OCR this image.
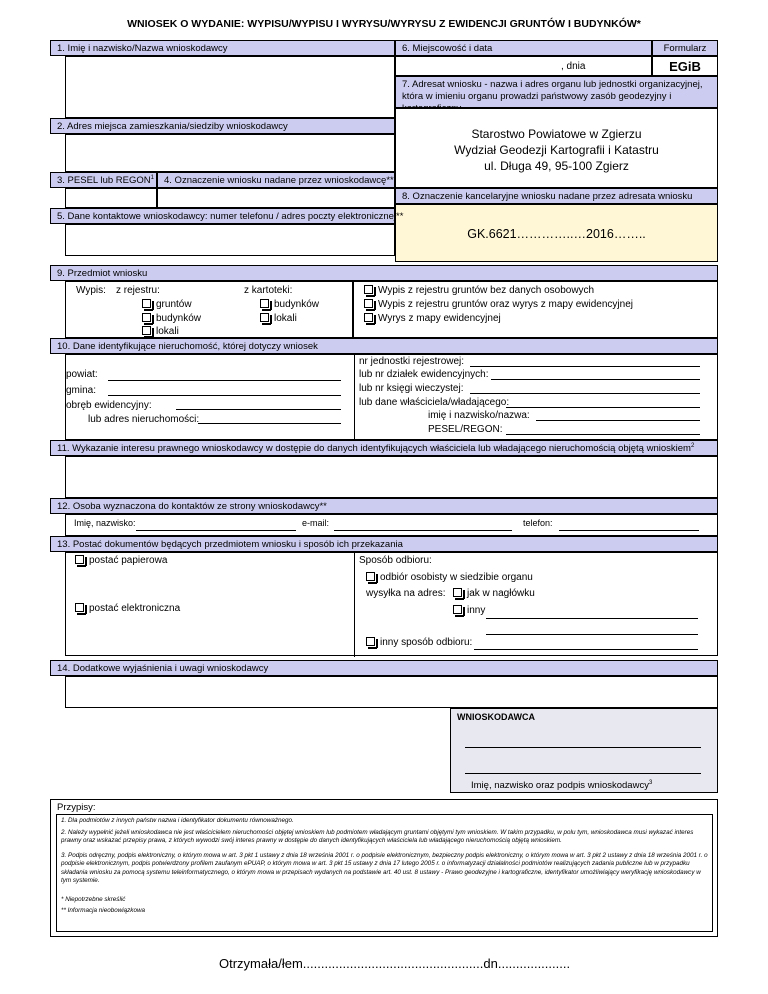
WNIOSEK O WYDANIE: WYPISU/WYPISU I WYRYSU/WYRYSU Z EWIDENCJI GRUNTÓW I BUDYNKÓW*
1. Imię i nazwisko/Nazwa wnioskodawcy	6. Miejscowość i data	Formularz
, dnia	EGiB
7. Adresat wniosku - nazwa i adres organu lub jednostki organizacyjnej, która w imieniu organu prowadzi państwowy zasób geodezyjny i
Starostwo Powiatowe w Zgierzu
Wydział Geodezji Kartografii i Katastru
ul. Długa 49, 95-100 Zgierz
2. Adres miejsca zamieszkania/siedziby wnioskodawcy
3. PESEL lub REGON$^1$	4. Oznaczenie wniosku nadane przez wnioskodawcę**
8. Oznaczenie kancelaryjne wniosku nadane przez adresata wniosku
GK.6621…………..…2016……..
5. Dane kontaktowe wnioskodawcy: numer telefonu / adres poczty elektronicznej**
9. Przedmiot wniosku
Wypis: z rejestru:	z kartoteki:
gruntów
budynków
lokali
budynków
lokali
Wypis z rejestru gruntów bez danych osobowych
Wypis z rejestru gruntów oraz wyrys z mapy ewidencyjnej
Wyrys z mapy ewidencyjnej
10. Dane identyfikujące nieruchomość, której dotyczy wniosek
powiat:
gmina:
obręb ewidencyjny:
lub adres nieruchomości:
nr jednostki rejestrowej:
lub nr działek ewidencyjnych:
lub nr księgi wieczystej:
lub dane właściciela/władającego:
imię i nazwisko/nazwa:
PESEL/REGON:
11. Wykazanie interesu prawnego wnioskodawcy w dostępie do danych identyfikujących właściciela lub władającego nieruchomością objętą wnioskiem$^2$
12. Osoba wyznaczona do kontaktów ze strony wnioskodawcy**
Imię, nazwisko:	e-mail:	telefon:
13. Postać dokumentów będących przedmiotem wniosku i sposób ich przekazania
postać papierowa
postać elektroniczna
Sposób odbioru:
odbiór osobisty w siedzibie organu
wysyłka na adres:	jak w nagłówku
inny
inny sposób odbioru:
14. Dodatkowe wyjaśnienia i uwagi wnioskodawcy
WNIOSKODAWCA
Imię, nazwisko oraz podpis wnioskodawcy$^3$
Przypisy:
1. Dla podmiotów z innych państw nazwa i identyfikator dokumentu równoważnego.
2. Należy wypełnić jeżeli wnioskodawca nie jest właścicielem nieruchomości objętej wnioskiem lub podmiotem władającym gruntami objętymi tym wnioskiem. W takim przypadku, w polu tym, wnioskodawca musi wykazać interes prawny oraz wskazać przepisy prawa, z których wywodzi swój interes prawny w dostępie do danych identyfikujących właściciela lub władającego nieruchomością objętą wnioskiem.
3. Podpis odręczny, podpis elektroniczny, o którym mowa w art. 3 pkt 1 ustawy z dnia 18 września 2001 r. o podpisie elektronicznym, bezpieczny podpis elektroniczny, o którym mowa w art. 3 pkt 2 ustawy z dnia 18 września 2001 r. o podpisie elektronicznym, podpis potwierdzony profilem zaufanym ePUAP, o którym mowa w art. 3 pkt 15 ustawy z dnia 17 lutego 2005 r. o informatyzacji działalności podmiotów realizujących zadania publiczne lub w przypadku składania wniosku za pomocą systemu teleinformatycznego, o którym mowa w przepisach wydanych na podstawie art. 40 ust. 8 ustawy - Prawo geodezyjne i kartograficzne, identyfikator umożliwiający weryfikację wnioskodawcy w tym systemie.
* Niepotrzebne skreślić
** Informacja nieobowiązkowa
Otrzymała/łem..................................................dn....................
